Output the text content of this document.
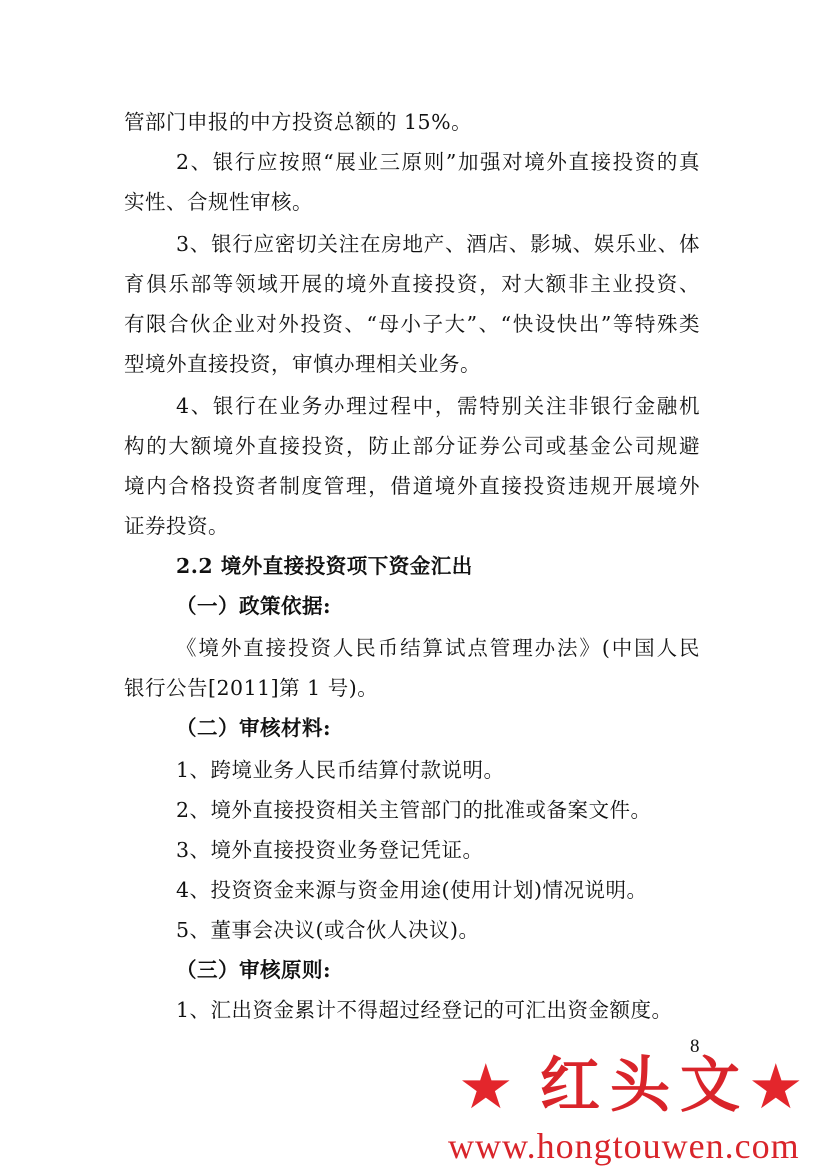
管部门申报的中方投资总额的 15%。
2、银行应按照“展业三原则”加强对境外直接投资的真
实性、合规性审核。
3、银行应密切关注在房地产、酒店、影城、娱乐业、体
育俱乐部等领域开展的境外直接投资，对大额非主业投资、
有限合伙企业对外投资、“母小子大”、“快设快出”等特殊类
型境外直接投资，审慎办理相关业务。
4、银行在业务办理过程中，需特别关注非银行金融机
构的大额境外直接投资，防止部分证券公司或基金公司规避
境内合格投资者制度管理，借道境外直接投资违规开展境外
证券投资。
2.2 境外直接投资项下资金汇出
（一）政策依据:
《境外直接投资人民币结算试点管理办法》(中国人民
银行公告[2011]第 1 号)。
（二）审核材料:
1、跨境业务人民币结算付款说明。
2、境外直接投资相关主管部门的批准或备案文件。
3、境外直接投资业务登记凭证。
4、投资资金来源与资金用途(使用计划)情况说明。
5、董事会决议(或合伙人决议)。
（三）审核原则:
1、汇出资金累计不得超过经登记的可汇出资金额度。
8
★ 红头文
★
www.hongtouwen.com
